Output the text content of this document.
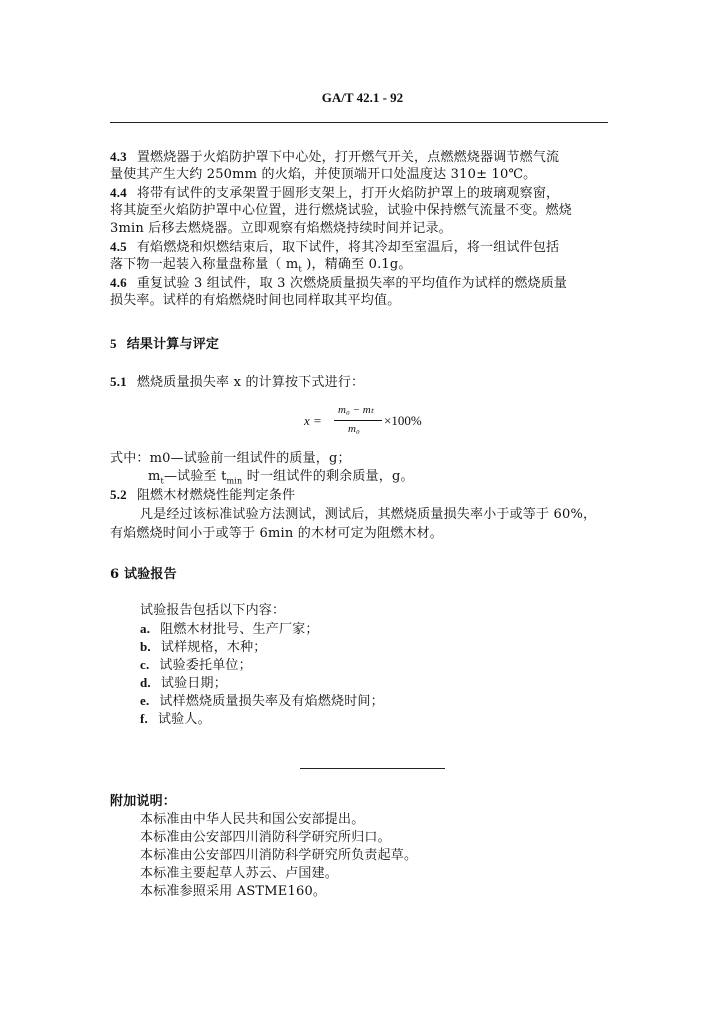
GA/T 42.1 - 92
4.3 置燃烧器于火焰防护罩下中心处，打开燃气开关，点燃燃烧器调节燃气流
量使其产生大约 250mm 的火焰，并使顶端开口处温度达 310± 10℃。
4.4 将带有试件的支承架置于圆形支架上，打开火焰防护罩上的玻璃观察窗，
将其旋至火焰防护罩中心位置，进行燃烧试验，试验中保持燃气流量不变。燃烧
3min 后移去燃烧器。立即观察有焰燃烧持续时间并记录。
4.5 有焰燃烧和炽燃结束后，取下试件，将其冷却至室温后，将一组试件包括
落下物一起装入称量盘称量（ $m_t$ )，精确至 0.1g。
4.6 重复试验 3 组试件，取 3 次燃烧质量损失率的平均值作为试样的燃烧质量
损失率。试样的有焰燃烧时间也同样取其平均值。
5 结果计算与评定
5.1 燃烧质量损失率 x 的计算按下式进行：
x =
m₀ − mₜ
m₀
×100%
式中：m0—试验前一组试件的质量，g；
$m_t—$试验至 $t_{min}$ 时一组试件的剩余质量，g。
5.2 阻燃木材燃烧性能判定条件
凡是经过该标准试验方法测试，测试后，其燃烧质量损失率小于或等于 60%，
有焰燃烧时间小于或等于 6min 的木材可定为阻燃木材。
6 试验报告
试验报告包括以下内容：
a. 阻燃木材批号、生产厂家；
b. 试样规格，木种；
c. 试验委托单位；
d. 试验日期；
e. 试样燃烧质量损失率及有焰燃烧时间；
f. 试验人。
附加说明：
本标准由中华人民共和国公安部提出。
本标准由公安部四川消防科学研究所归口。
本标准由公安部四川消防科学研究所负责起草。
本标准主要起草人苏云、卢国建。
本标准参照采用 ASTME160。
